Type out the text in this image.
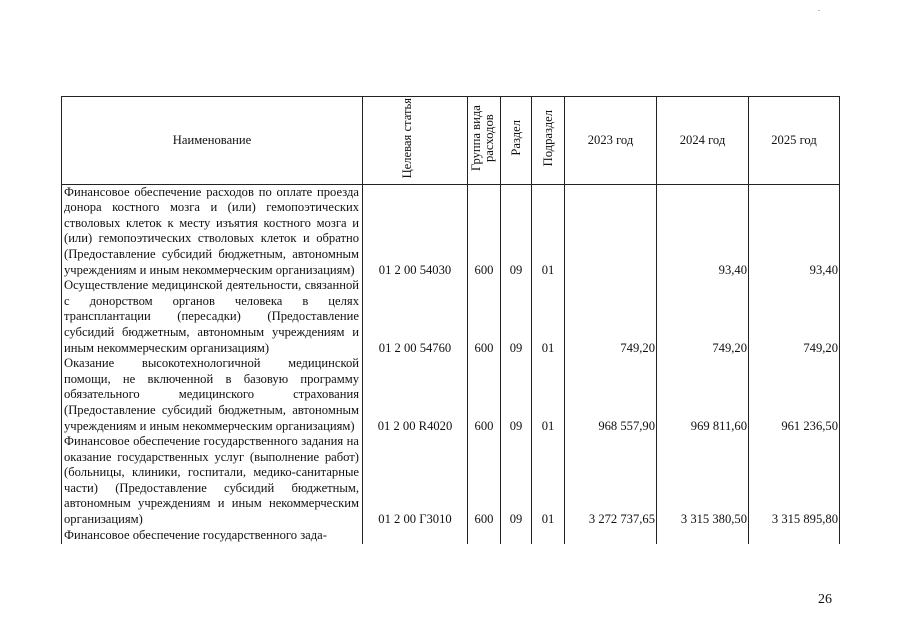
Наименование	Целевая статья	Группа вида расходов	Раздел	Подраздел	2023 год	2024 год	2025 год
Финансовое обеспечение расходов по оплате проезда донора костного мозга и (или) гемопоэтических стволовых клеток к месту изъятия костного мозга и (или) гемопоэтических стволовых клеток и обратно (Предоставление субсидий бюджетным, автономным учреждениям и иным некоммерческим организациям)	01 2 00 54030	600	09	01		93,40	93,40
Осуществление медицинской деятельности, связанной с донорством органов человека в целях трансплантации (пересадки) (Предоставление субсидий бюджетным, автономным учреждениям и иным некоммерческим организациям)	01 2 00 54760	600	09	01	749,20	749,20	749,20
Оказание высокотехнологичной медицинской помощи, не включенной в базовую программу обязательного медицинского страхования (Предоставление субсидий бюджетным, автономным учреждениям и иным некоммерческим организациям)	01 2 00 R4020	600	09	01	968 557,90	969 811,60	961 236,50
Финансовое обеспечение государственного задания на оказание государственных услуг (выполнение работ) (больницы, клиники, госпитали, медико-санитарные части) (Предоставление субсидий бюджетным, автономным учреждениям и иным некоммерческим организациям)	01 2 00 Г3010	600	09	01	3 272 737,65	3 315 380,50	3 315 895,80
Финансовое обеспечение государственного зада-							
26
